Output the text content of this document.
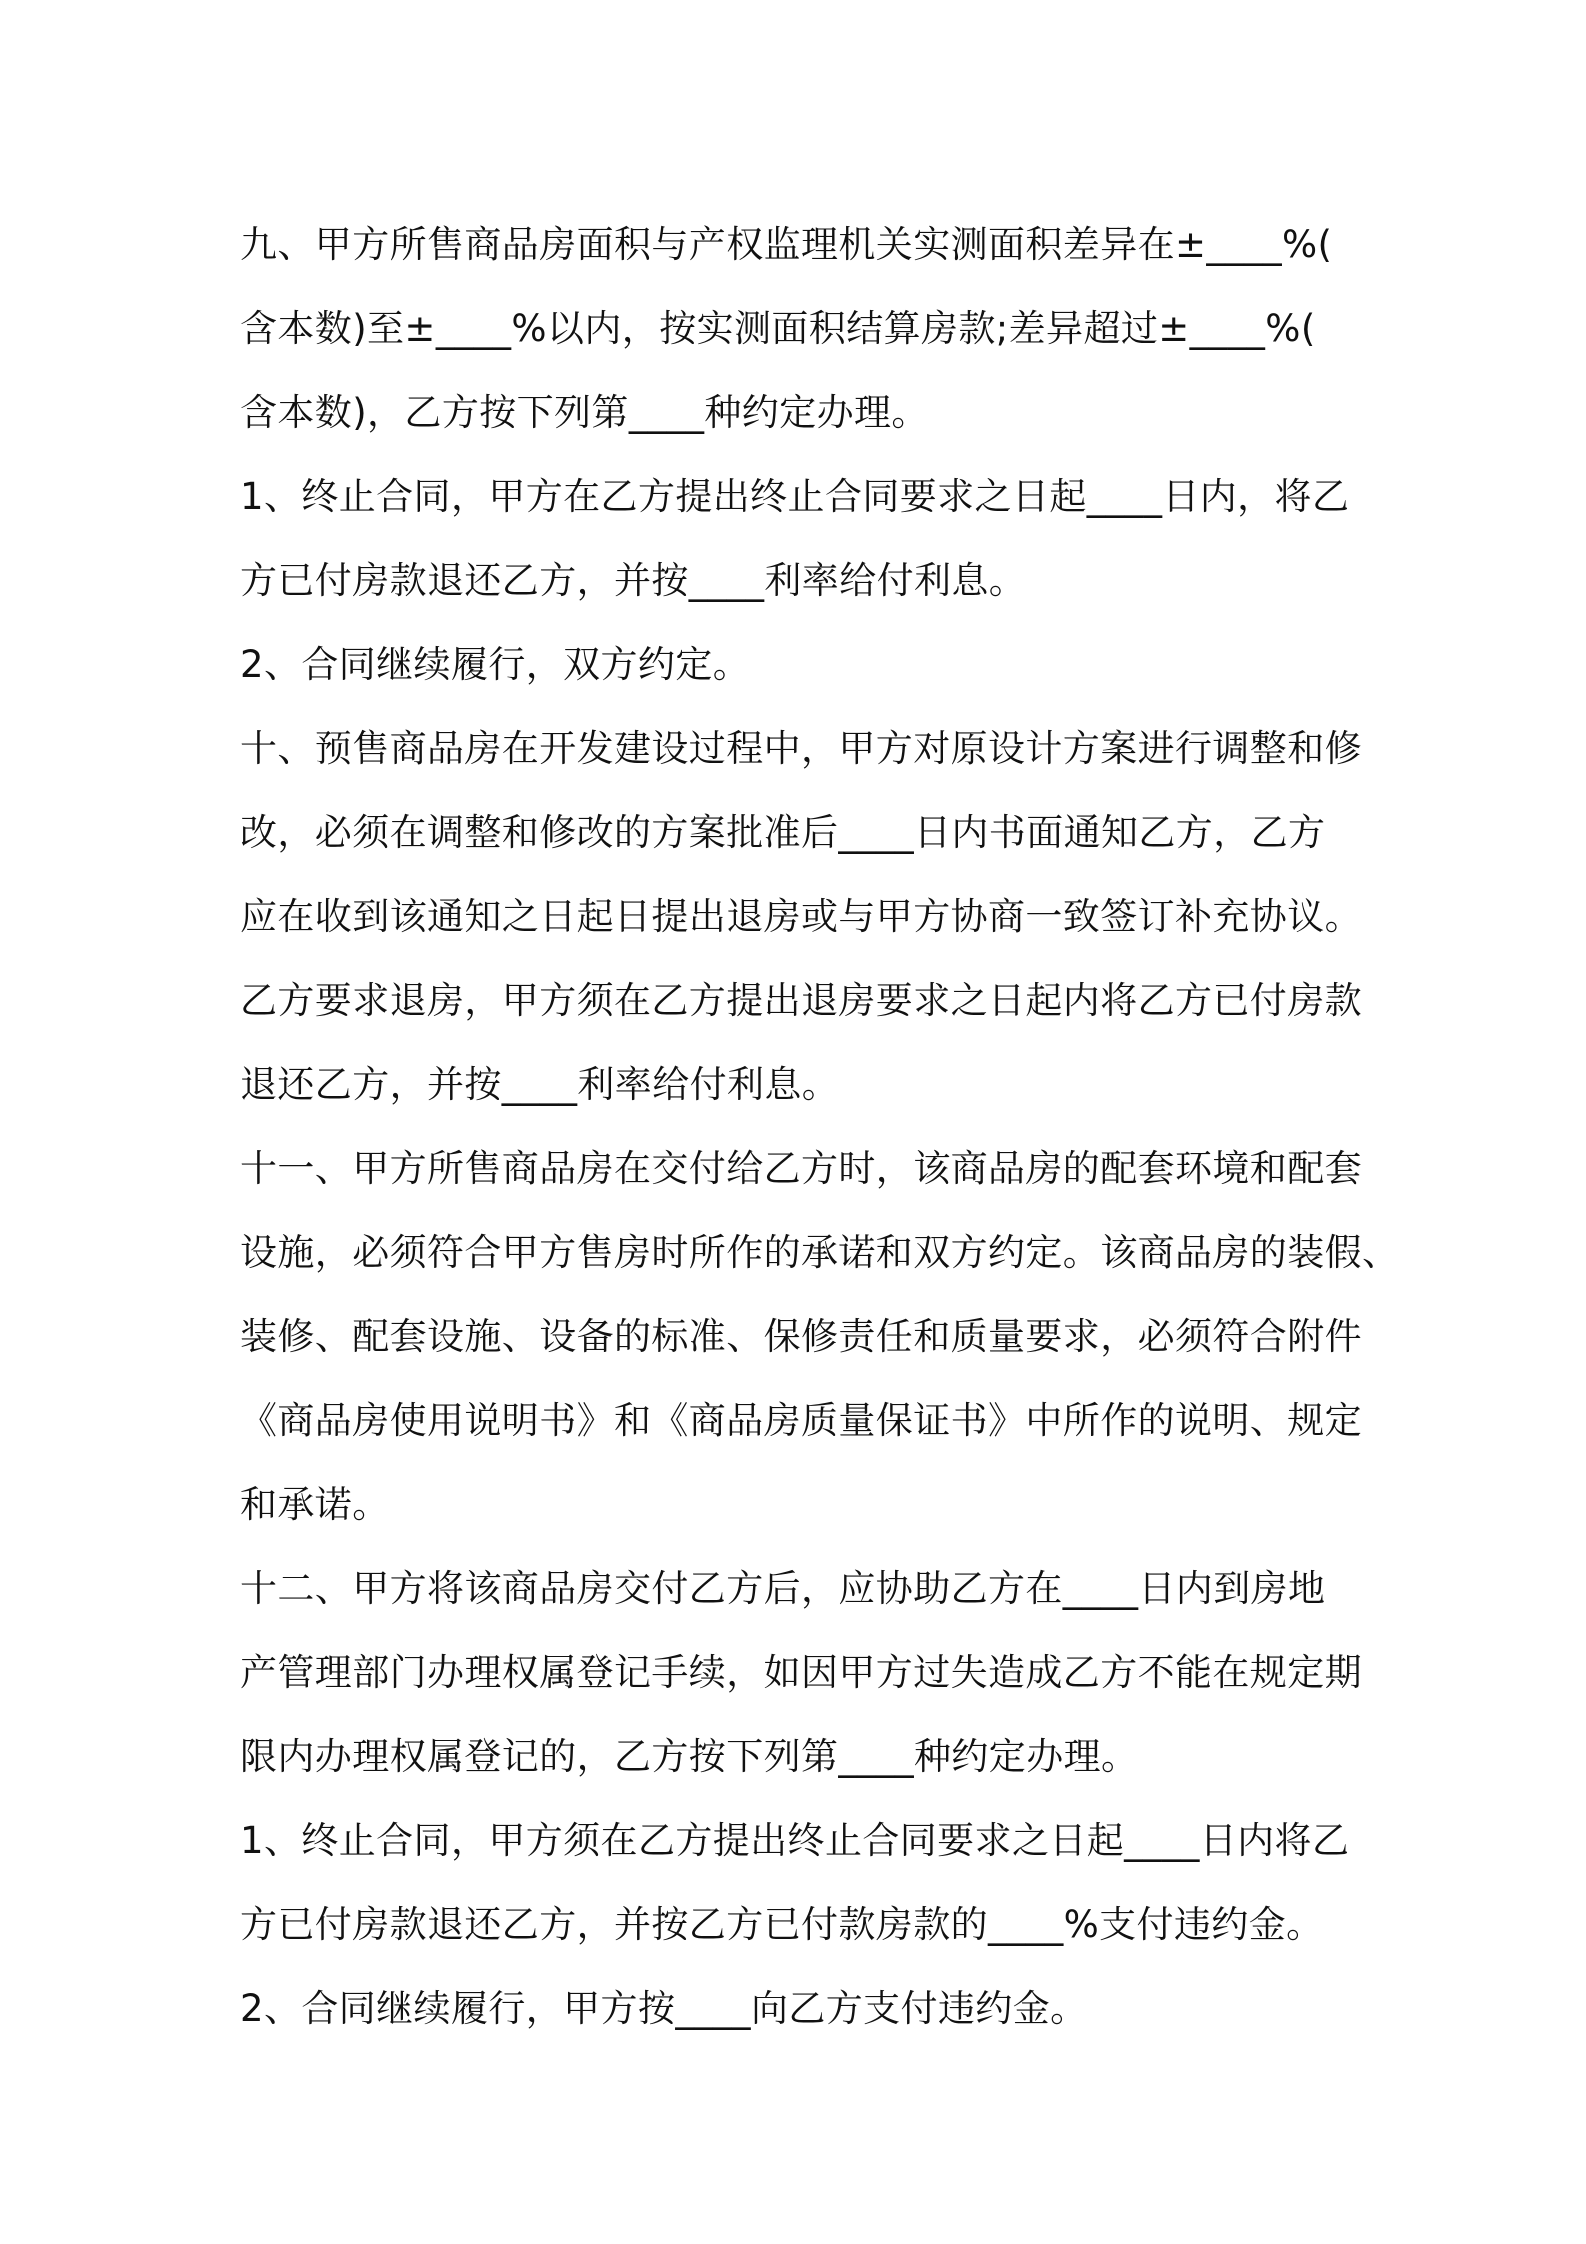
九、甲方所售商品房面积与产权监理机关实测面积差异在±____%(
含本数)至±____%以内，按实测面积结算房款;差异超过±____%(
含本数)，乙方按下列第____种约定办理。
1、终止合同，甲方在乙方提出终止合同要求之日起____日内，将乙
方已付房款退还乙方，并按____利率给付利息。
2、合同继续履行，双方约定。
十、预售商品房在开发建设过程中，甲方对原设计方案进行调整和修
改，必须在调整和修改的方案批准后____日内书面通知乙方，乙方
应在收到该通知之日起日提出退房或与甲方协商一致签订补充协议。
乙方要求退房，甲方须在乙方提出退房要求之日起内将乙方已付房款
退还乙方，并按____利率给付利息。
十一、甲方所售商品房在交付给乙方时，该商品房的配套环境和配套
设施，必须符合甲方售房时所作的承诺和双方约定。该商品房的装假、
装修、配套设施、设备的标准、保修责任和质量要求，必须符合附件
《商品房使用说明书》和《商品房质量保证书》中所作的说明、规定
和承诺。
十二、甲方将该商品房交付乙方后，应协助乙方在____日内到房地
产管理部门办理权属登记手续，如因甲方过失造成乙方不能在规定期
限内办理权属登记的，乙方按下列第____种约定办理。
1、终止合同，甲方须在乙方提出终止合同要求之日起____日内将乙
方已付房款退还乙方，并按乙方已付款房款的____%支付违约金。
2、合同继续履行，甲方按____向乙方支付违约金。
